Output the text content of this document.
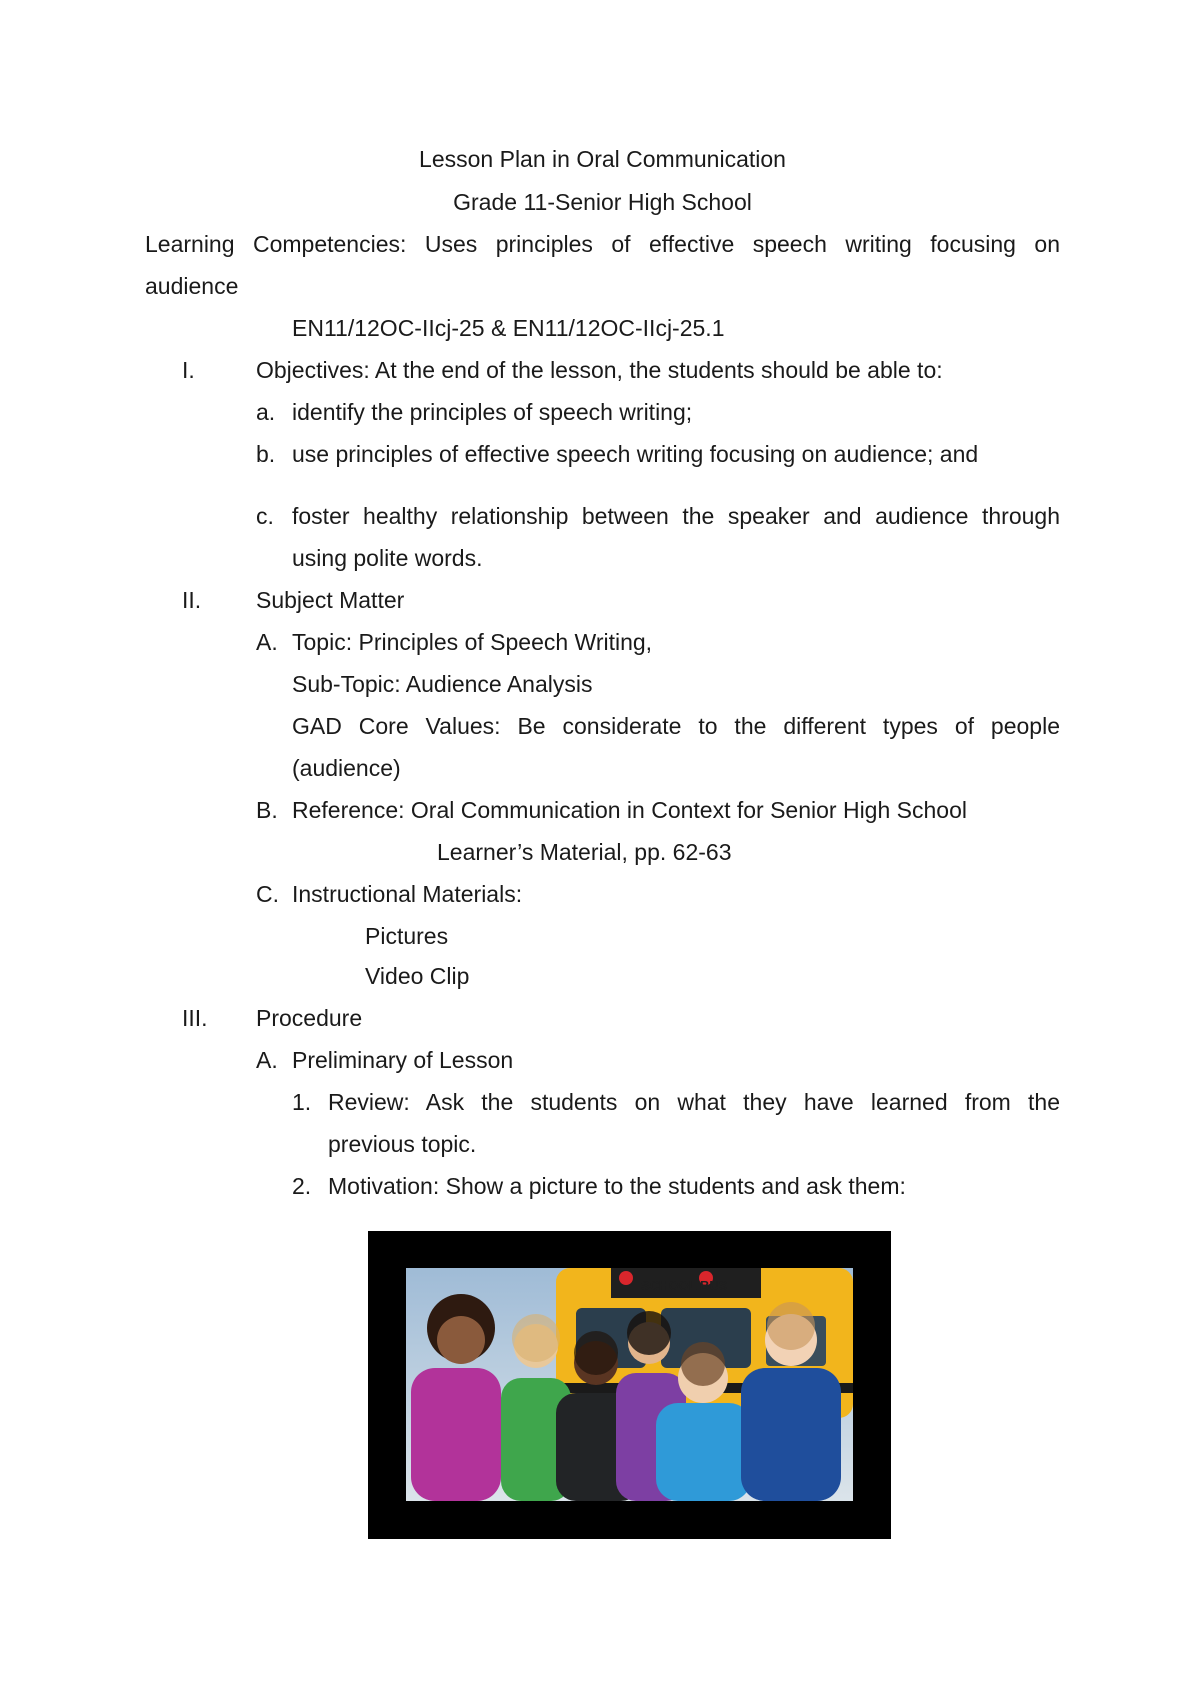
Lesson Plan in Oral Communication
Grade 11-Senior High School
Learning Competencies: Uses principles of effective speech writing focusing on
audience
EN11/12OC-IIcj-25 & EN11/12OC-IIcj-25.1
I.	Objectives: At the end of the lesson, the students should be able to:
a. identify the principles of speech writing;
b. use principles of effective speech writing focusing on audience; and
c. foster healthy relationship between the speaker and audience through
using polite words.
II. Subject Matter
A. Topic: Principles of Speech Writing,
Sub-Topic: Audience Analysis
GAD Core Values: Be considerate to the different types of people
(audience)
B. Reference: Oral Communication in Context for Senior High School
Learner’s Material, pp. 62-63
C. Instructional Materials:
Pictures
Video Clip
III. Procedure
A. Preliminary of Lesson
1. Review: Ask the students on what they have learned from the
previous topic.
2. Motivation: Show a picture to the students and ask them:
SCHOOL BUS
